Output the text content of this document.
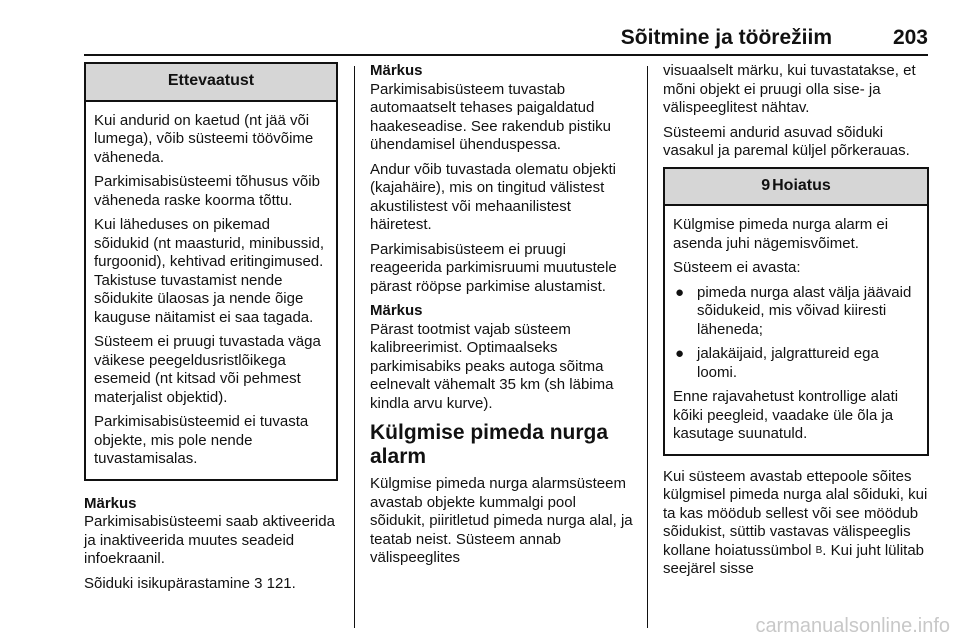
Sõitmine ja töörežiim	203
Ettevaatust

Kui andurid on kaetud (nt jää või lumega), võib süsteemi töövõime väheneda.

Parkimisabisüsteemi tõhusus võib väheneda raske koorma tõttu.

Kui läheduses on pikemad sõidukid (nt maasturid, minibussid, furgoonid), kehtivad eritingimused. Takistuse tuvastamist nende sõidukite ülaosas ja nende õige kauguse näitamist ei saa tagada.

Süsteem ei pruugi tuvastada väga väikese peegeldusristlõikega esemeid (nt kitsad või pehmest materjalist objektid).

Parkimisabisüsteemid ei tuvasta objekte, mis pole nende tuvastamisalas.

Märkus

Parkimisabisüsteemi saab aktiveerida ja inaktiveerida muutes seadeid infoekraanil.

Sõiduki isikupärastamine 3 121.

Märkus

Parkimisabisüsteem tuvastab automaatselt tehases paigaldatud haakeseadise. See rakendub pistiku ühendamisel ühenduspessa.

Andur võib tuvastada olematu objekti (kajahäire), mis on tingitud välistest akustilistest või mehaanilistest häiretest.

Parkimisabisüsteem ei pruugi reageerida parkimisruumi muutustele pärast rööpse parkimise alustamist.

Märkus

Pärast tootmist vajab süsteem kalibreerimist. Optimaalseks parkimisabiks peaks autoga sõitma eelnevalt vähemalt 35 km (sh läbima kindla arvu kurve).

Külgmise pimeda nurga alarm

Külgmise pimeda nurga alarmsüsteem avastab objekte kummalgi pool sõidukit, piiritletud pimeda nurga alal, ja teatab neist. Süsteem annab välispeeglites

visuaalselt märku, kui tuvastatakse, et mõni objekt ei pruugi olla sise- ja välispeeglitest nähtav.

Süsteemi andurid asuvad sõiduki vasakul ja paremal küljel põrkerauas.

9 Hoiatus

Külgmise pimeda nurga alarm ei asenda juhi nägemisvõimet.

Süsteem ei avasta:

● pimeda nurga alast välja jäävaid sõidukeid, mis võivad kiiresti läheneda;
● jalakäijaid, jalgrattureid ega loomi.

Enne rajavahetust kontrollige alati kõiki peegleid, vaadake üle õla ja kasutage suunatuld.

Kui süsteem avastab ettepoole sõites külgmisel pimeda nurga alal sõiduki, kui ta kas möödub sellest või see möödub sõidukist, süttib vastavas välispeeglis kollane hoiatussümbol B. Kui juht lülitab seejärel sisse

carmanualsonline.info
